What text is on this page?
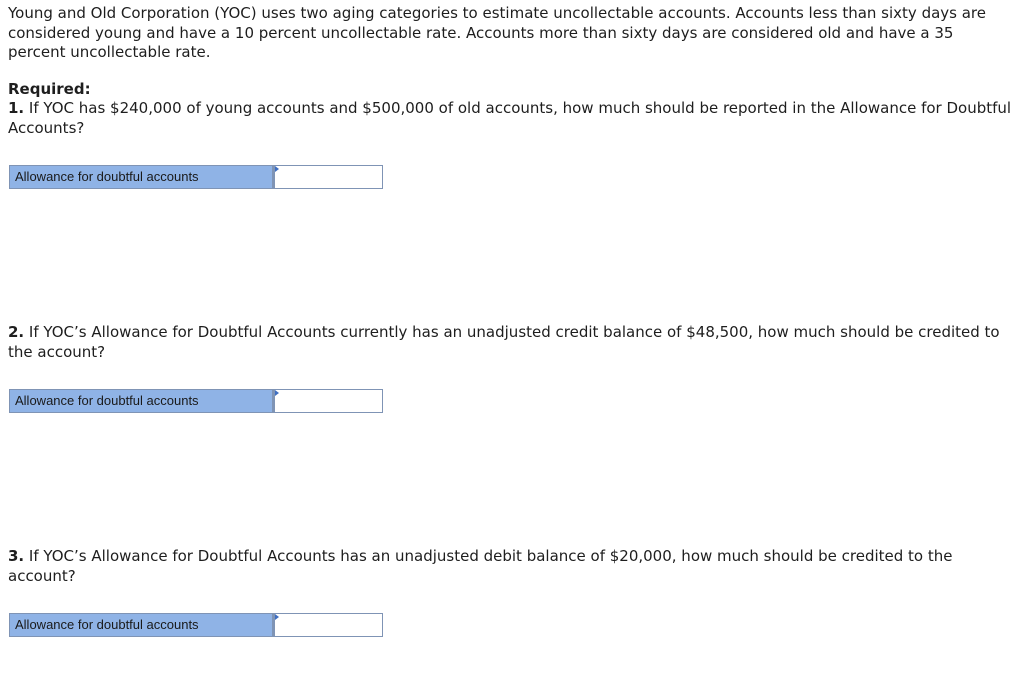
Young and Old Corporation (YOC) uses two aging categories to estimate uncollectable accounts. Accounts less than sixty days are considered young and have a 10 percent uncollectable rate. Accounts more than sixty days are considered old and have a 35 percent uncollectable rate.

Required:

1. If YOC has $240,000 of young accounts and $500,000 of old accounts, how much should be reported in the Allowance for Doubtful Accounts?

Allowance for doubtful accounts

2. If YOC’s Allowance for Doubtful Accounts currently has an unadjusted credit balance of $48,500, how much should be credited to the account?

Allowance for doubtful accounts

3. If YOC’s Allowance for Doubtful Accounts has an unadjusted debit balance of $20,000, how much should be credited to the account?

Allowance for doubtful accounts
